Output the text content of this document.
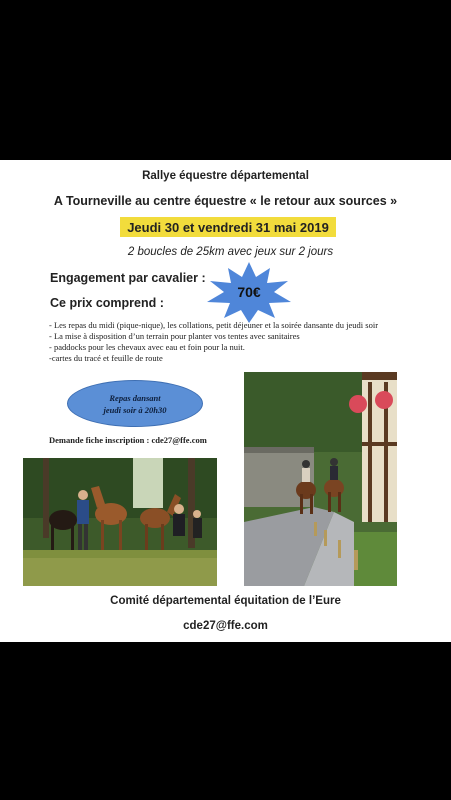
Rallye équestre départemental
A Tourneville au centre équestre « le retour aux sources »
Jeudi 30 et vendredi 31 mai 2019
2 boucles de 25km avec jeux sur 2 jours
Engagement par cavalier :
Ce prix comprend :
70€
- Les repas du midi (pique-nique), les collations, petit déjeuner et la soirée dansante du jeudi soir
- La mise à disposition d’un terrain pour planter vos tentes avec sanitaires
- paddocks pour les chevaux avec eau et foin pour la nuit.
-cartes du tracé et feuille de route
Repas dansant
jeudi soir à 20h30
Demande fiche inscription : cde27@ffe.com
Comité départemental équitation de l’Eure
cde27@ffe.com
